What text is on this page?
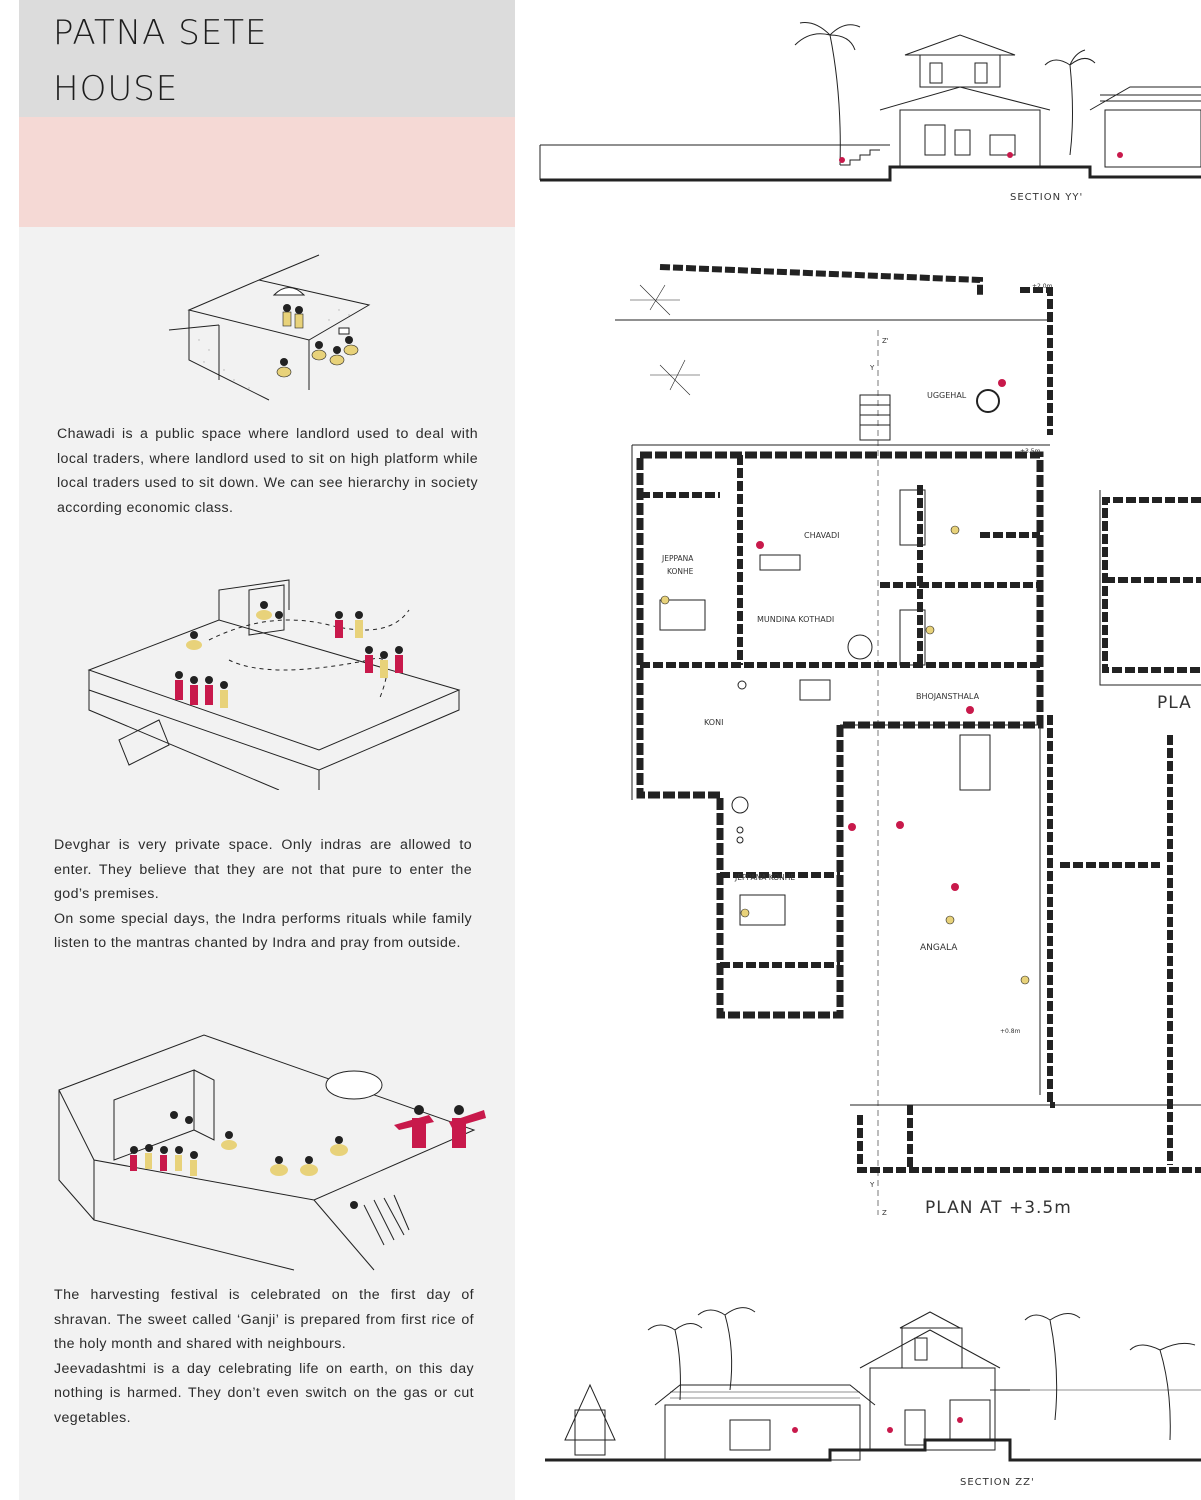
PATNA SETE
HOUSE

Chawadi is a public space where landlord used to deal with local traders, where landlord used to sit on high platform while local traders used to sit down. We can see hierarchy in society according economic class.

Devghar is very private space. Only indras are allowed to enter. They believe that they are not that pure to enter the god’s premises.

On some special days, the Indra performs rituals while family listen to the mantras chanted by Indra and pray from outside.

The harvesting festival is celebrated on the first day of shravan. The sweet called ‘Ganji’ is prepared from first rice of the holy month and shared with neighbours.

Jeevadashtmi is a day celebrating life on earth, on this day nothing is harmed. They don’t even switch on the gas or cut vegetables.

SECTION YY'
UGGEHAL
CHAVADI
JEPPANA
KONHE
MUNDINA KOTHADI
BHOJANSTHALA
KONI
JEPPANA KONHE
ANGALA
Z'
Y
Y
Z
+2.0m
+3.5m
+0.8m
PLAN AT +3.5m
PLA
SECTION ZZ'
